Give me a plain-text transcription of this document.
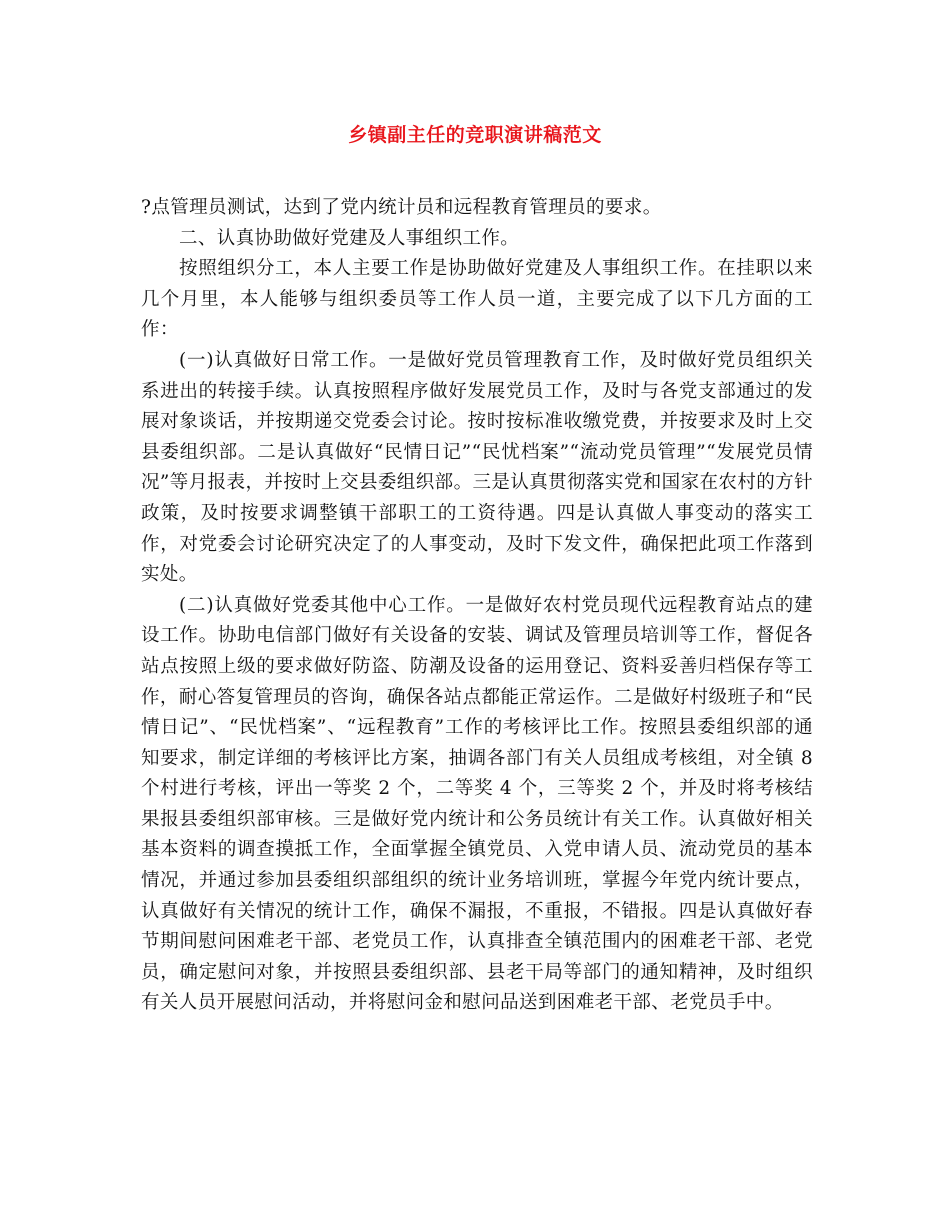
乡镇副主任的竞职演讲稿范文

?点管理员测试，达到了党内统计员和远程教育管理员的要求。

二、认真协助做好党建及人事组织工作。

按照组织分工，本人主要工作是协助做好党建及人事组织工作。在挂职以来几个月里，本人能够与组织委员等工作人员一道，主要完成了以下几方面的工作：

(一)认真做好日常工作。一是做好党员管理教育工作，及时做好党员组织关系进出的转接手续。认真按照程序做好发展党员工作，及时与各党支部通过的发展对象谈话，并按期递交党委会讨论。按时按标准收缴党费，并按要求及时上交县委组织部。二是认真做好“民情日记”“民忧档案”“流动党员管理”“发展党员情况”等月报表，并按时上交县委组织部。三是认真贯彻落实党和国家在农村的方针政策，及时按要求调整镇干部职工的工资待遇。四是认真做人事变动的落实工作，对党委会讨论研究决定了的人事变动，及时下发文件，确保把此项工作落到实处。

(二)认真做好党委其他中心工作。一是做好农村党员现代远程教育站点的建设工作。协助电信部门做好有关设备的安装、调试及管理员培训等工作，督促各站点按照上级的要求做好防盗、防潮及设备的运用登记、资料妥善归档保存等工作，耐心答复管理员的咨询，确保各站点都能正常运作。二是做好村级班子和“民情日记”、“民忧档案”、“远程教育”工作的考核评比工作。按照县委组织部的通知要求，制定详细的考核评比方案，抽调各部门有关人员组成考核组，对全镇 8 个村进行考核，评出一等奖 2 个，二等奖 4 个，三等奖 2 个，并及时将考核结果报县委组织部审核。三是做好党内统计和公务员统计有关工作。认真做好相关基本资料的调查摸抵工作，全面掌握全镇党员、入党申请人员、流动党员的基本情况，并通过参加县委组织部组织的统计业务培训班，掌握今年党内统计要点，认真做好有关情况的统计工作，确保不漏报，不重报，不错报。四是认真做好春节期间慰问困难老干部、老党员工作，认真排查全镇范围内的困难老干部、老党员，确定慰问对象，并按照县委组织部、县老干局等部门的通知精神，及时组织有关人员开展慰问活动，并将慰问金和慰问品送到困难老干部、老党员手中。
